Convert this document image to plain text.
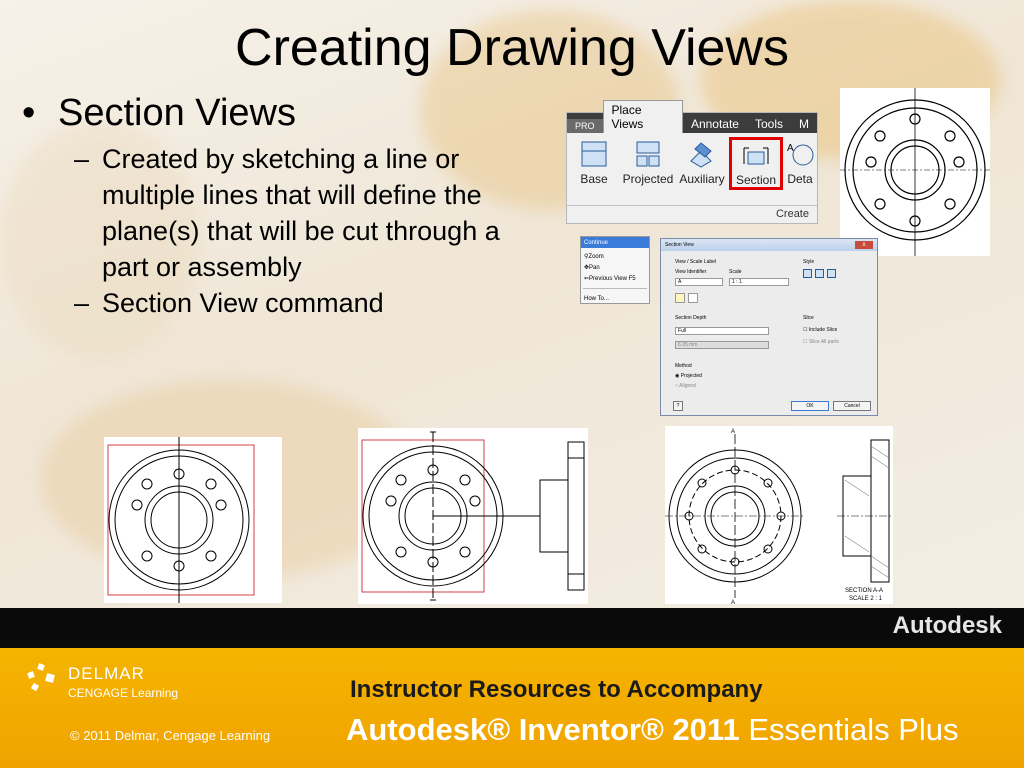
Creating Drawing Views
• Section Views
– Created by sketching a line or multiple lines that will define the plane(s) that will be cut through a part or assembly
– Section View command
PRO
Place Views	Annotate	Tools	M
Base	Projected Auxiliary Section
A
Deta
Create
Continue
⚲ Zoom
✥ Pan
⇐ Previous View F5
How To...
Section View	x
View / Scale Label
View Identifier	Scale
A	1 : 1
Style
Section Depth
Full
6.35 mm
Slice
☐ Include Slice
☐ Slice All parts
Method
◉ Projected
○ Aligned
?	OK	Cancel
A
A
SECTION A-A
SCALE 2 : 1
Autodesk
DELMAR
CENGAGE Learning
© 2011 Delmar, Cengage Learning
Instructor Resources to Accompany
Autodesk® Inventor® 2011 Essentials Plus
